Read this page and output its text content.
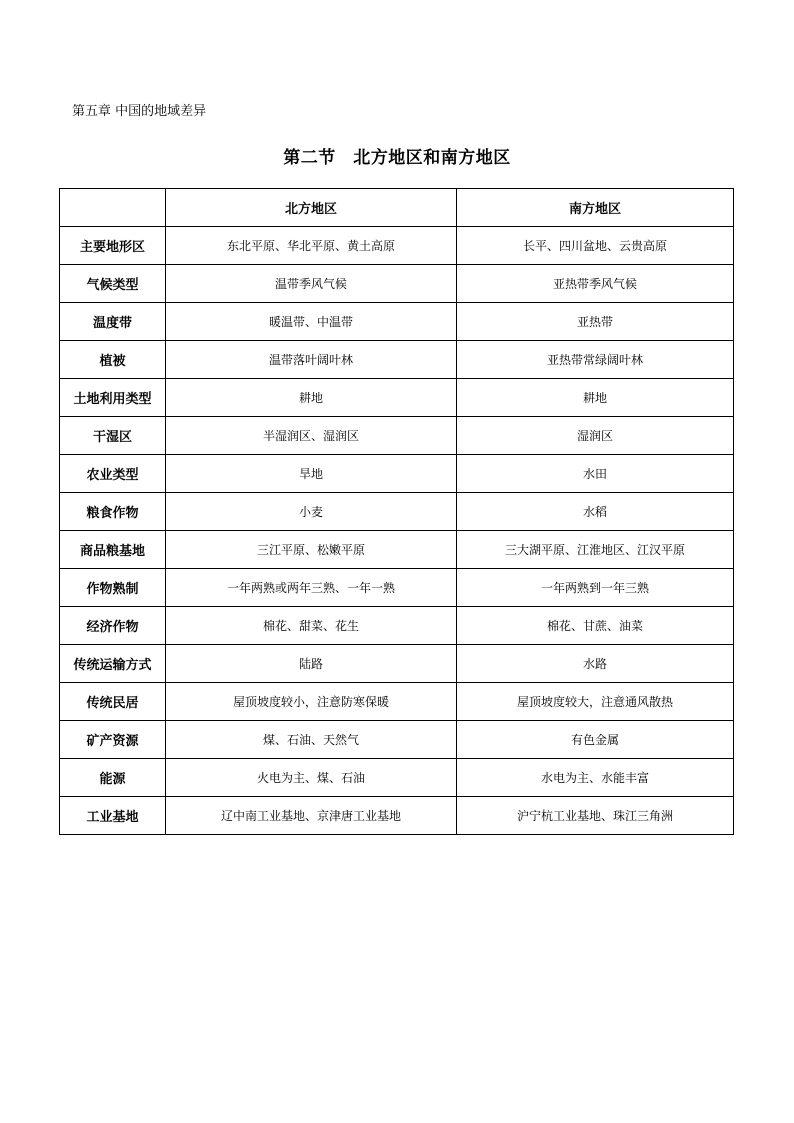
第五章 中国的地域差异
第二节　北方地区和南方地区
	北方地区	南方地区
主要地形区	东北平原、华北平原、黄土高原	长平、四川盆地、云贵高原
气候类型	温带季风气候	亚热带季风气候
温度带	暖温带、中温带	亚热带
植被	温带落叶阔叶林	亚热带常绿阔叶林
土地利用类型	耕地	耕地
干湿区	半湿润区、湿润区	湿润区
农业类型	旱地	水田
粮食作物	小麦	水稻
商品粮基地	三江平原、松嫩平原	三大湖平原、江淮地区、江汉平原
作物熟制	一年两熟或两年三熟、一年一熟	一年两熟到一年三熟
经济作物	棉花、甜菜、花生	棉花、甘蔗、油菜
传统运输方式	陆路	水路
传统民居	屋顶坡度较小，注意防寒保暖	屋顶坡度较大，注意通风散热
矿产资源	煤、石油、天然气	有色金属
能源	火电为主、煤、石油	水电为主、水能丰富
工业基地	辽中南工业基地、京津唐工业基地	沪宁杭工业基地、珠江三角洲
